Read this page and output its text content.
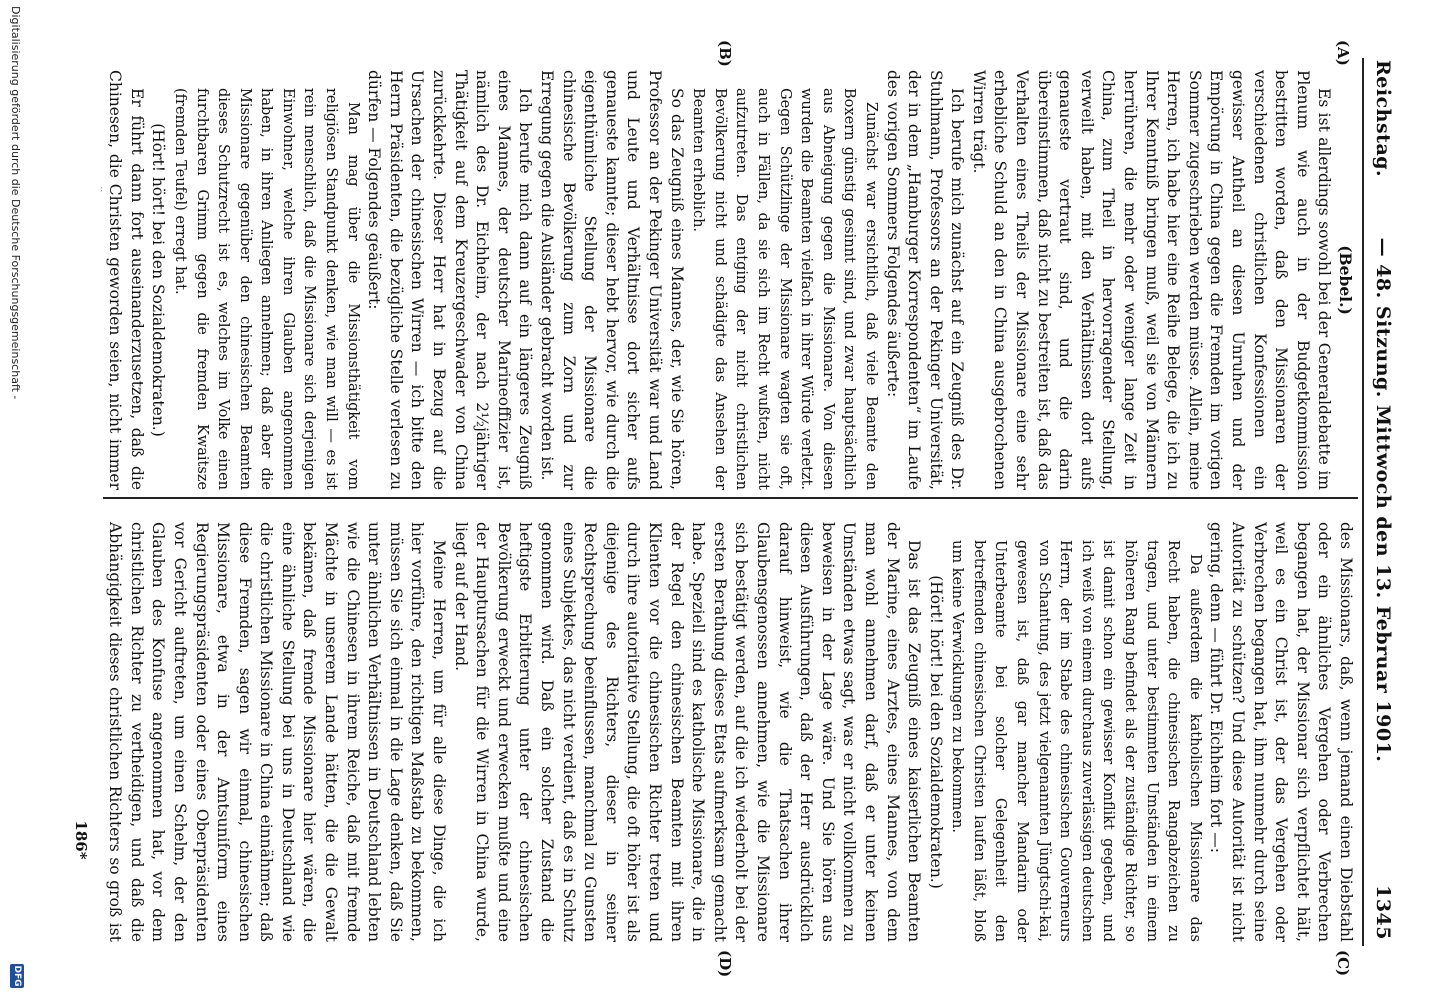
Reichstag.
— 48. Sitzung. Mittwoch den 13. Februar 1901.
1345
(A)
(B)
(C)
(D)

(Bebel.)

Es ist allerdings sowohl bei der Generaldebatte im Plenum wie auch in der Budgetkommission bestritten worden, daß den Missionaren der verschiedenen christlichen Konfessionen ein gewisser Antheil an diesen Unruhen und der Empörung in China gegen die Fremden im vorigen Sommer zugeschrieben werden müsse. Allein, meine Herren, ich habe hier eine Reihe Belege, die ich zu Ihrer Kenntniß bringen muß, weil sie von Männern herrühren, die mehr oder weniger lange Zeit in China, zum Theil in hervorragender Stellung, verweilt haben, mit den Verhältnissen dort aufs genaueste vertraut sind, und die darin übereinstimmen, daß nicht zu bestreiten ist, daß das Verhalten eines Theils der Missionare eine sehr erhebliche Schuld an den in China ausgebrochenen Wirren trägt.

Ich berufe mich zunächst auf ein Zeugniß des Dr. Stuhlmann, Professors an der Pekinger Universität, der in dem „Hamburger Korrespondenten“ im Laufe des vorigen Sommers Folgendes äußerte:

Zunächst war ersichtlich, daß viele Beamte den Boxern günstig gesinnt sind, und zwar hauptsächlich aus Abneigung gegen die Missionare. Von diesen wurden die Beamten vielfach in ihrer Würde verletzt. Gegen Schützlinge der Missionare wagten sie oft, auch in Fällen, da sie sich im Recht wußten, nicht aufzutreten. Das entging der nicht christlichen Bevölkerung nicht und schädigte das Ansehen der Beamten erheblich.

So das Zeugniß eines Mannes, der, wie Sie hören, Professor an der Pekinger Universität war und Land und Leute und Verhältnisse dort sicher aufs genaueste kannte; dieser hebt hervor, wie durch die eigenthümliche Stellung der Missionare die chinesische Bevölkerung zum Zorn und zur Erregung gegen die Ausländer gebracht worden ist.

Ich berufe mich dann auf ein längeres Zeugniß eines Mannes, der deutscher Marineoffizier ist, nämlich des Dr. Eichheim, der nach 2½jähriger Thätigkeit auf dem Kreuzergeschwader von China zurückkehrte. Dieser Herr hat in Bezug auf die Ursachen der chinesischen Wirren — ich bitte den Herrn Präsidenten, die bezügliche Stelle verlesen zu dürfen — Folgendes geäußert:

Man mag über die Missionsthätigkeit vom religiösen Standpunkt denken, wie man will — es ist rein menschlich, daß die Missionare sich derjenigen Einwohner, welche ihren Glauben angenommen haben, in ihren Anliegen annehmen; daß aber die Missionare gegenüber den chinesischen Beamten dieses Schutzrecht ist es, welches im Volke einen furchtbaren Grimm gegen die fremden Kwaitsze (fremden Teufel) erregt hat.

(Hört! hört! bei den Sozialdemokraten.)

Er führt dann fort auseinanderzusetzen, daß die Chinesen, die Christen geworden seien, nicht immer

des Missionars, daß, wenn jemand einen Diebstahl oder ein ähnliches Vergehen oder Verbrechen begangen hat, der Missionar sich verpflichtet hält, weil es ein Christ ist, der das Vergehen oder Verbrechen begangen hat, ihm nunmehr durch seine Autorität zu schützen? Und diese Autorität ist nicht gering, denn — führt Dr. Eichheim fort —:

Da außerdem die katholischen Missionare das Recht haben, die chinesischen Rangabzeichen zu tragen, und unter bestimmten Umständen in einem höheren Rang befindet als der zuständige Richter, so ist damit schon ein gewisser Konflikt gegeben, und ich weiß von einem durchaus zuverlässigen deutschen Herrn, der im Stabe des chinesischen Gouverneurs von Schantung, des jetzt vielgenannten Jüngtschi-kai, gewesen ist, daß gar mancher Mandarin oder Unterbeamte bei solcher Gelegenheit den betreffenden chinesischen Christen laufen läßt, bloß um keine Verwicklungen zu bekommen.

(Hört! hört! bei den Sozialdemokraten.)

Das ist das Zeugniß eines kaiserlichen Beamten der Marine, eines Arztes, eines Mannes, von dem man wohl annehmen darf, daß er unter keinen Umständen etwas sagt, was er nicht vollkommen zu beweisen in der Lage wäre. Und Sie hören aus diesen Ausführungen, daß der Herr ausdrücklich darauf hinweist, wie die Thatsachen ihrer Glaubensgenossen annehmen, wie die Missionare sich bestätigt werden, auf die ich wiederholt bei der ersten Berathung dieses Etats aufmerksam gemacht habe. Speziell sind es katholische Missionare, die in der Regel den chinesischen Beamten mit ihren Klienten vor die chinesischen Richter treten und durch ihre autoritative Stellung, die oft höher ist als diejenige des Richters, dieser in seiner Rechtsprechung beeinflussen, manchmal zu Gunsten eines Subjektes, das nicht verdient, daß es in Schutz genommen wird. Daß ein solcher Zustand die heftigste Erbitterung unter der chinesischen Bevölkerung erweckt und erwecken mußte und eine der Hauptursachen für die Wirren in China wurde, liegt auf der Hand.

Meine Herren, um für alle diese Dinge, die ich hier vorführe, den richtigen Maßstab zu bekommen, müssen Sie sich einmal in die Lage denken, daß Sie unter ähnlichen Verhältnissen in Deutschland lebten wie die Chinesen in ihrem Reiche, daß mit fremde Mächte in unserem Lande hätten, die die Gewalt bekämen, daß fremde Missionare hier wären, die eine ähnliche Stellung bei uns in Deutschland wie die christlichen Missionare in China einnähmen; daß diese Fremden, sagen wir einmal, chinesischen Missionare, etwa in der Amtsuniform eines Regierungspräsidenten oder eines Oberpräsidenten vor Gericht auftreten, um einen Schelm, der den Glauben des Konfuse angenommen hat, vor dem christlichen Richter zu vertheidigen, und daß die Abhängigkeit dieses christlichen Richters so groß ist

186*
Digitalisierung gefördert durch die Deutsche Forschungsgemeinschaft -
DFG
